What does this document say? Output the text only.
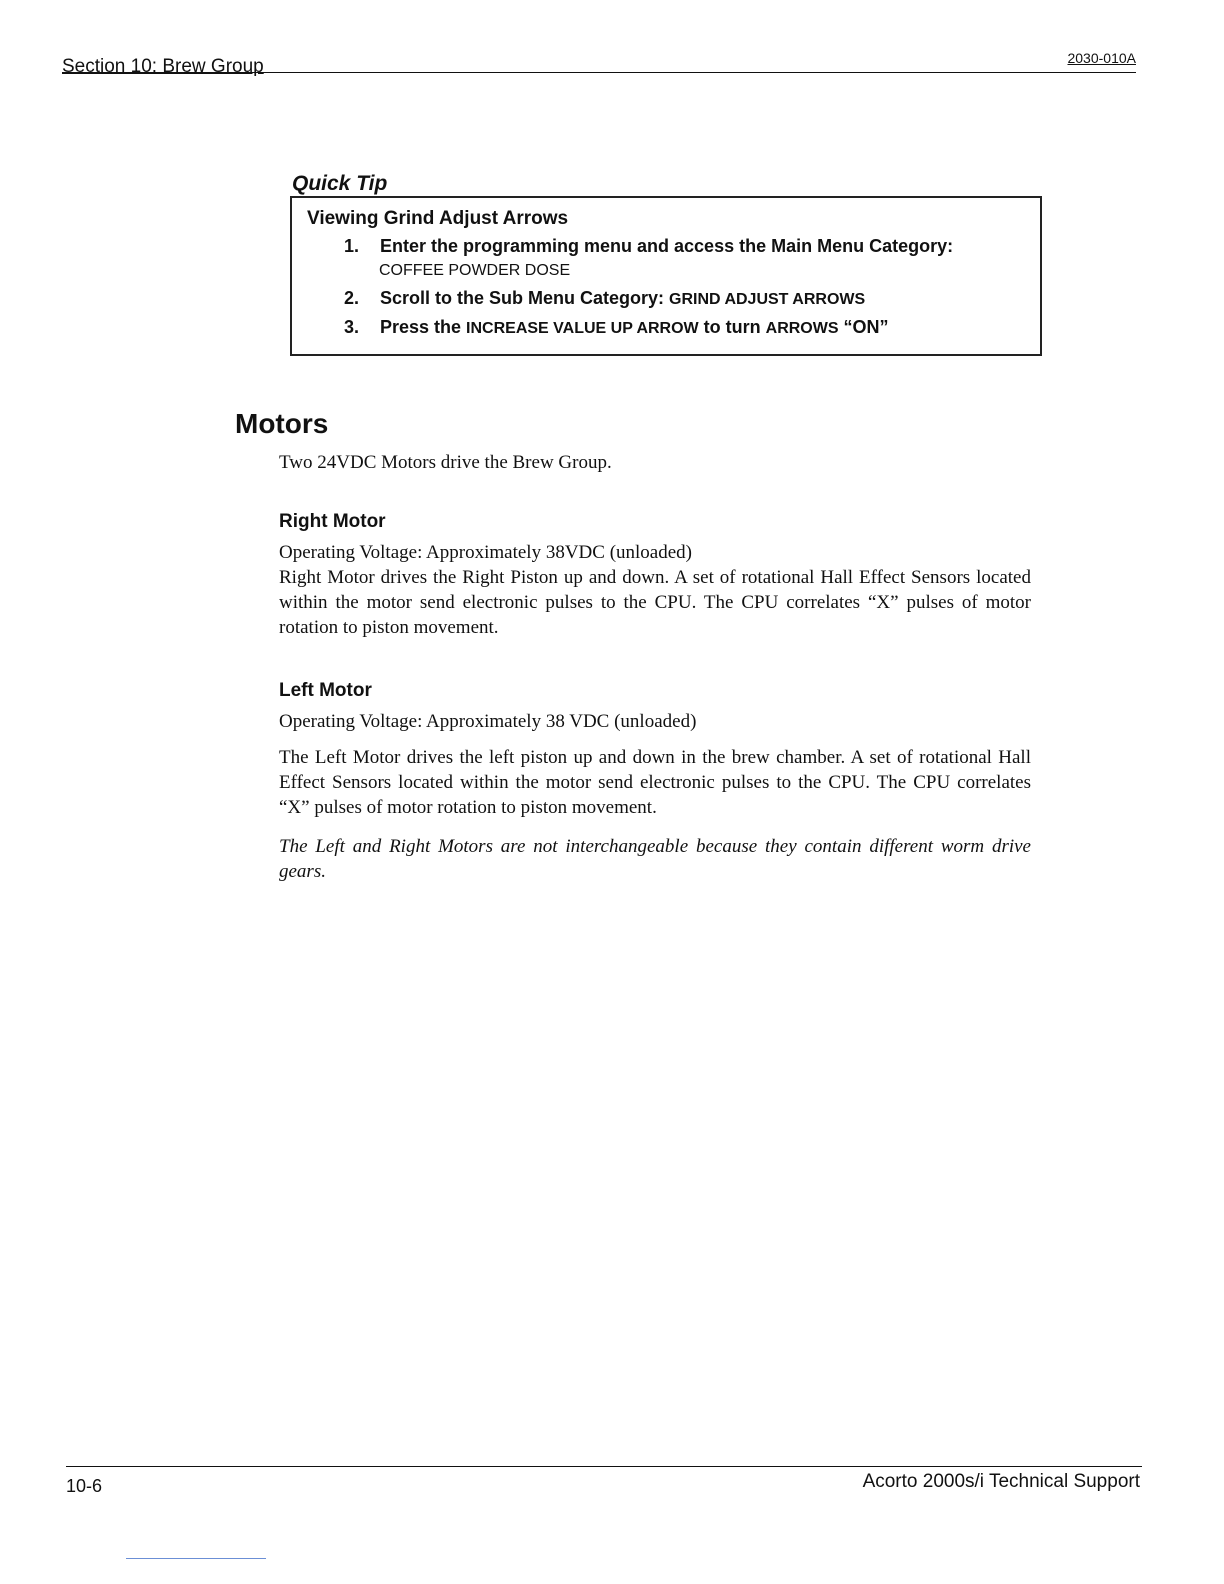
Section 10: Brew Group	2030-010A
Quick Tip
Viewing Grind Adjust Arrows
1. Enter the programming menu and access the Main Menu Category:
COFFEE POWDER DOSE
2. Scroll to the Sub Menu Category: GRIND ADJUST ARROWS
3. Press the INCREASE VALUE UP ARROW to turn ARROWS “ON”
Motors
Two 24VDC Motors drive the Brew Group.
Right Motor
Operating Voltage: Approximately 38VDC (unloaded)
Right Motor drives the Right Piston up and down. A set of rotational Hall Effect Sensors located within the motor send electronic pulses to the CPU. The CPU correlates “X” pulses of motor rotation to piston movement.
Left Motor
Operating Voltage: Approximately 38 VDC (unloaded)
The Left Motor drives the left piston up and down in the brew chamber. A set of rotational Hall Effect Sensors located within the motor send electronic pulses to the CPU. The CPU correlates “X” pulses of motor rotation to piston movement.
The Left and Right Motors are not interchangeable because they contain different worm drive gears.
10-6	Acorto 2000s/i Technical Support
